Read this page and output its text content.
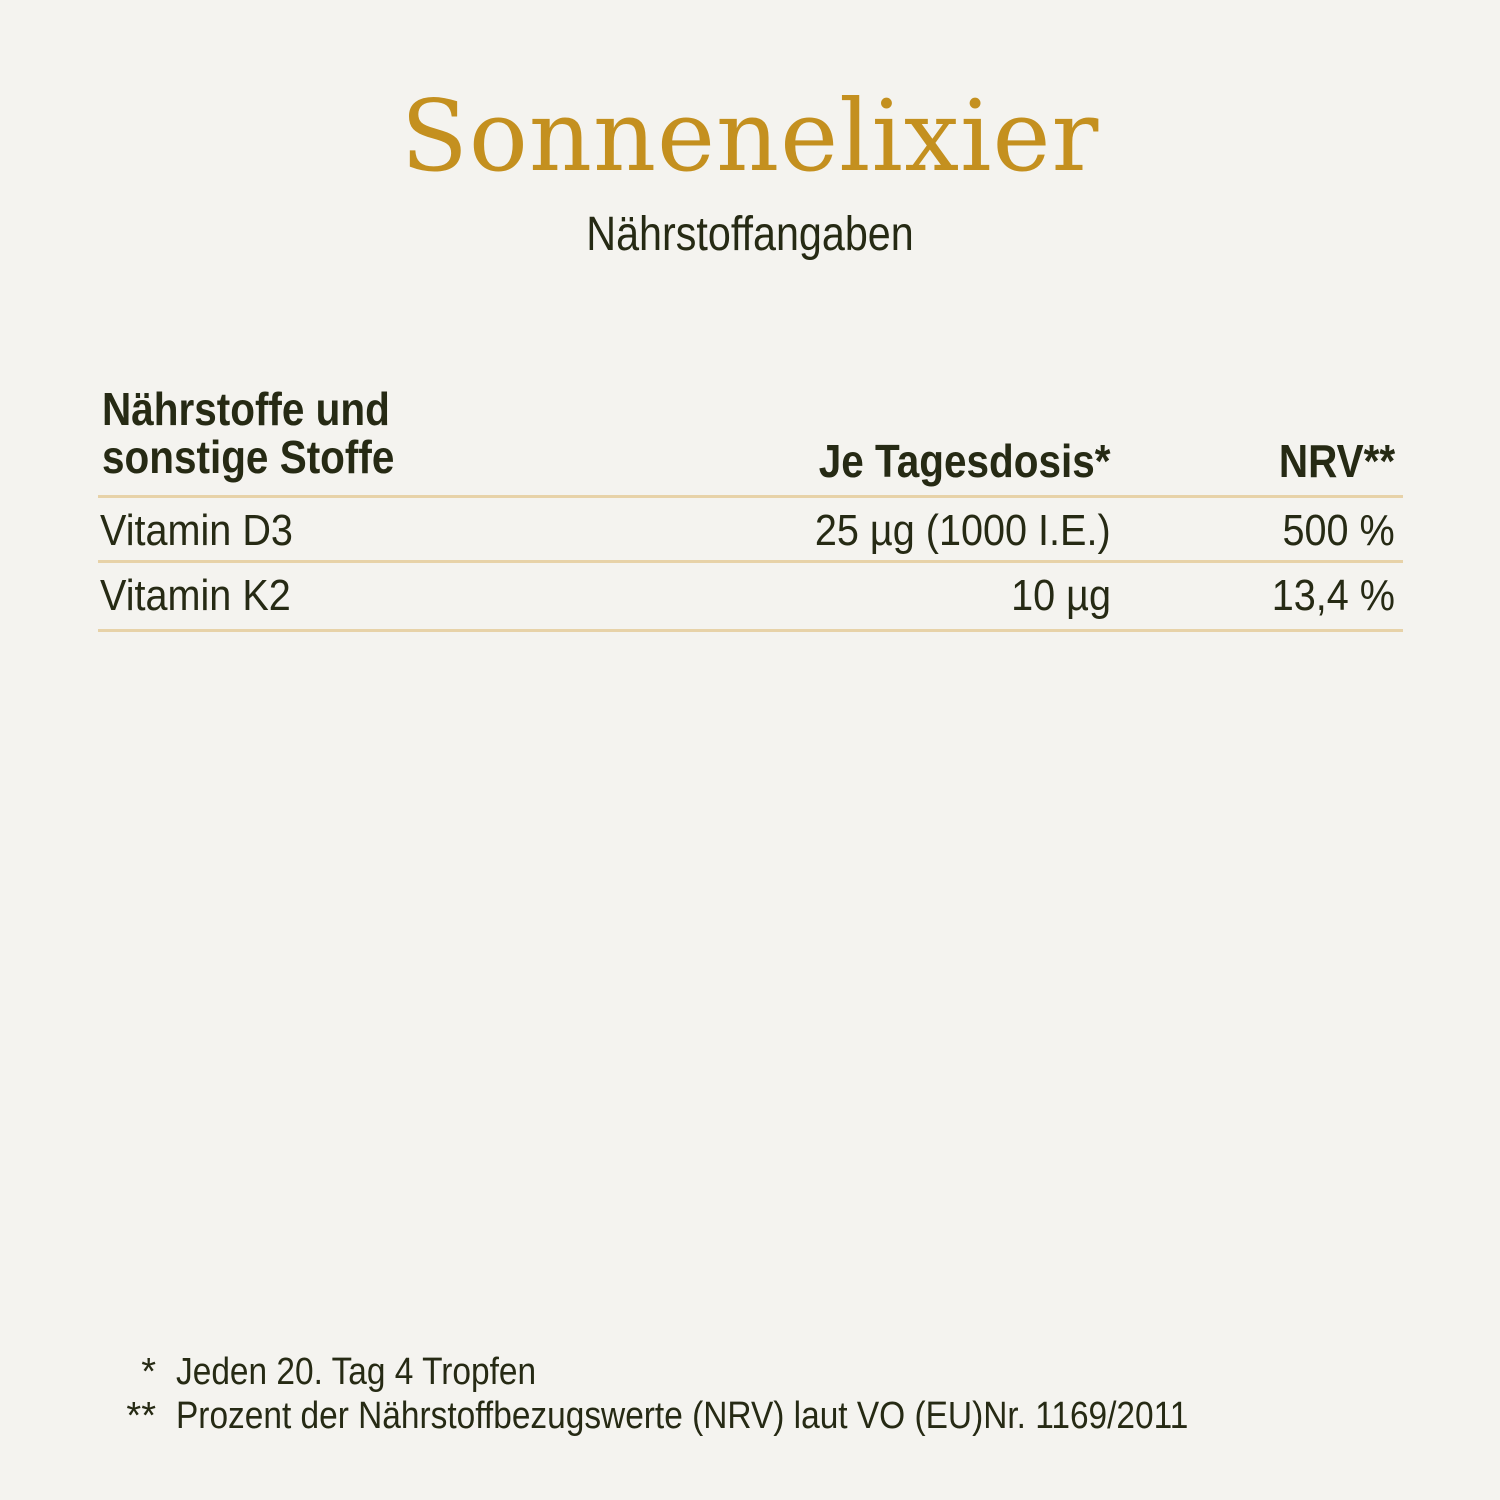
Sonnenelixier
Nährstoffangaben
Nährstoffe und
sonstige Stoffe	Je Tagesdosis*	NRV**
Vitamin D3	25 µg (1000 I.E.)	500 %
Vitamin K2	10 µg	13,4 %
* Jeden 20. Tag 4 Tropfen
** Prozent der Nährstoffbezugswerte (NRV) laut VO (EU)Nr. 1169/2011
